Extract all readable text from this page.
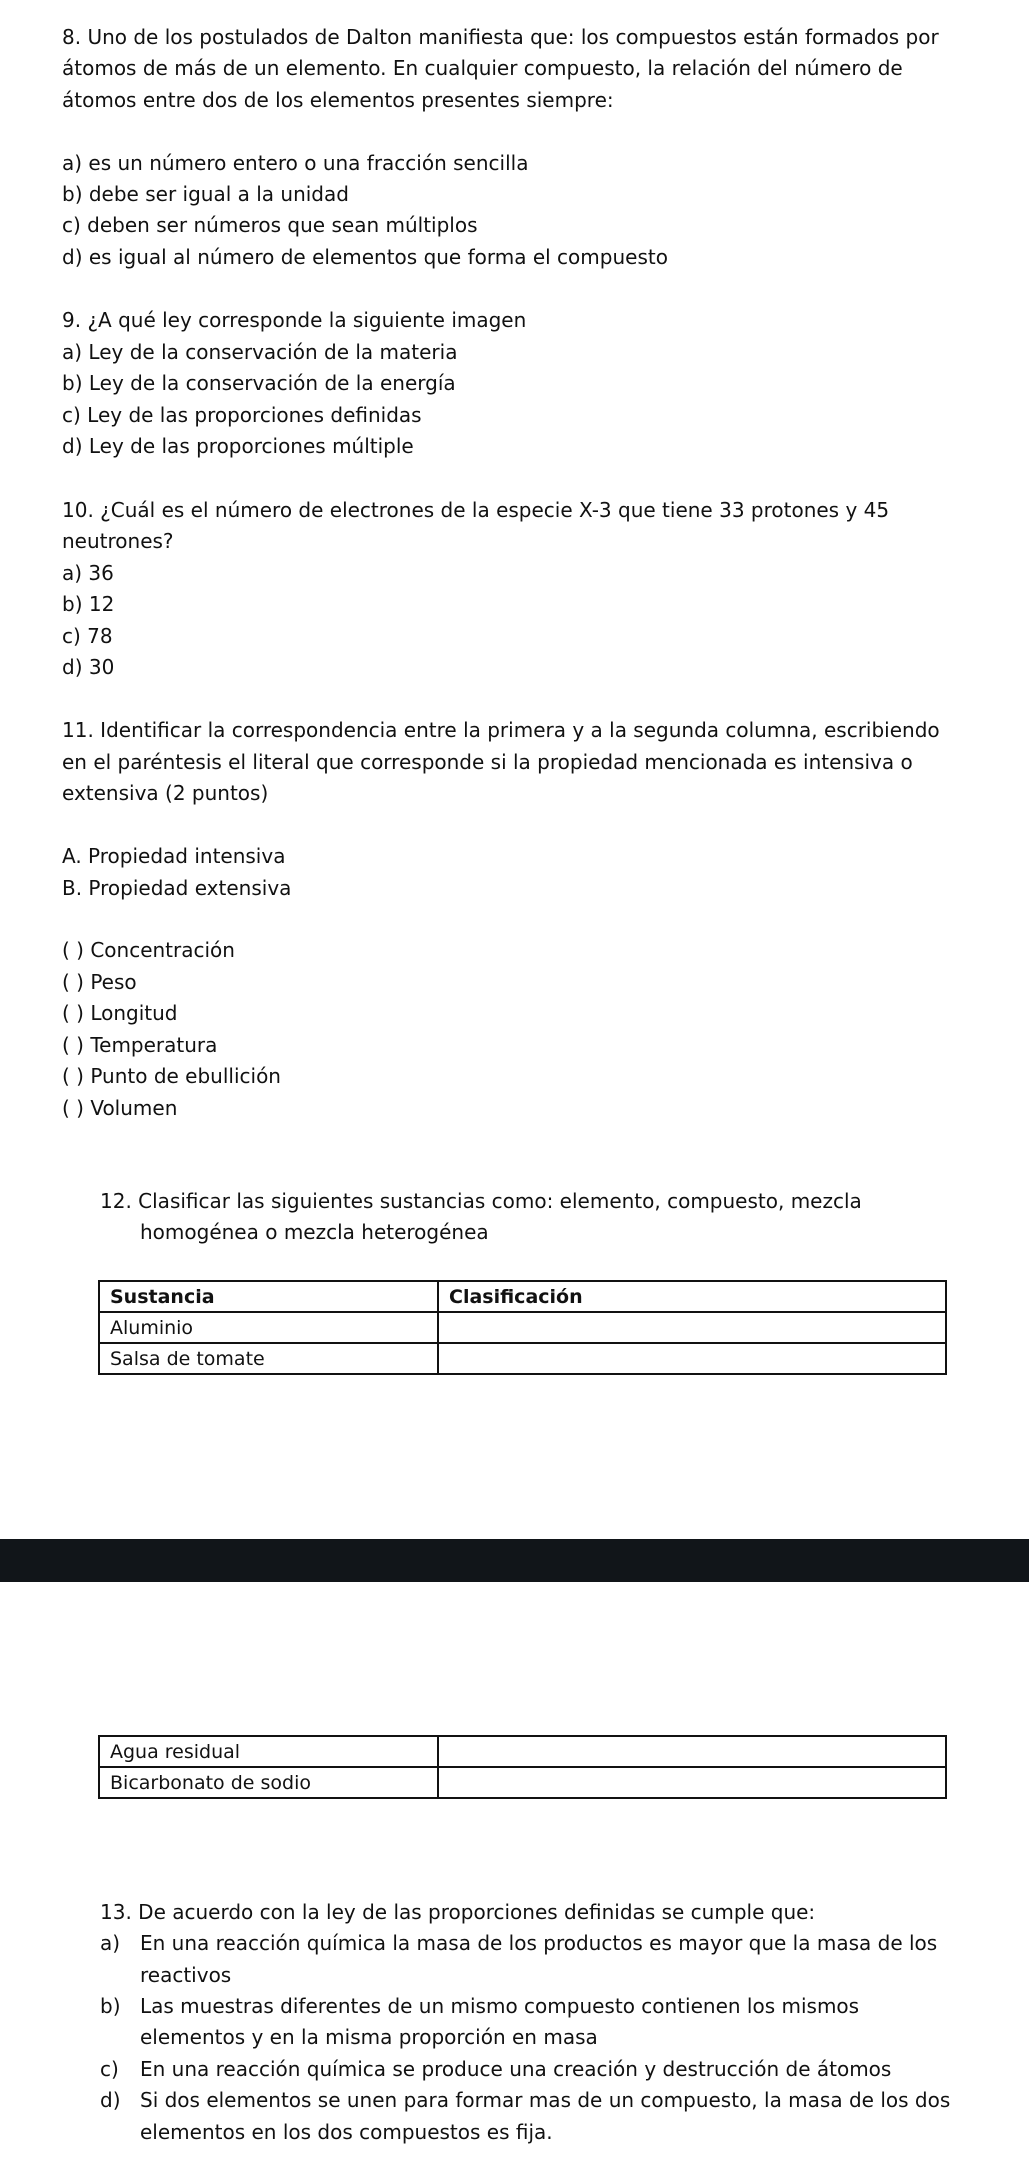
8. Uno de los postulados de Dalton manifiesta que: los compuestos están formados por

átomos de más de un elemento. En cualquier compuesto, la relación del número de

átomos entre dos de los elementos presentes siempre:

a) es un número entero o una fracción sencilla

b) debe ser igual a la unidad

c) deben ser números que sean múltiplos

d) es igual al número de elementos que forma el compuesto

9. ¿A qué ley corresponde la siguiente imagen

a) Ley de la conservación de la materia

b) Ley de la conservación de la energía

c) Ley de las proporciones definidas

d) Ley de las proporciones múltiple

10. ¿Cuál es el número de electrones de la especie X-3 que tiene 33 protones y 45

neutrones?

a) 36

b) 12

c) 78

d) 30

11. Identificar la correspondencia entre la primera y a la segunda columna, escribiendo

en el paréntesis el literal que corresponde si la propiedad mencionada es intensiva o

extensiva (2 puntos)

A. Propiedad intensiva

B. Propiedad extensiva

( ) Concentración

( ) Peso

( ) Longitud

( ) Temperatura

( ) Punto de ebullición

( ) Volumen

12. Clasificar las siguientes sustancias como: elemento, compuesto, mezcla

homogénea o mezcla heterogénea

Sustancia	Clasificación
Aluminio	
Salsa de tomate	
Agua residual	
Bicarbonato de sodio	

13. De acuerdo con la ley de las proporciones definidas se cumple que:

a) En una reacción química la masa de los productos es mayor que la masa de los

reactivos

b) Las muestras diferentes de un mismo compuesto contienen los mismos

elementos y en la misma proporción en masa

c) En una reacción química se produce una creación y destrucción de átomos

d) Si dos elementos se unen para formar mas de un compuesto, la masa de los dos

elementos en los dos compuestos es fija.
